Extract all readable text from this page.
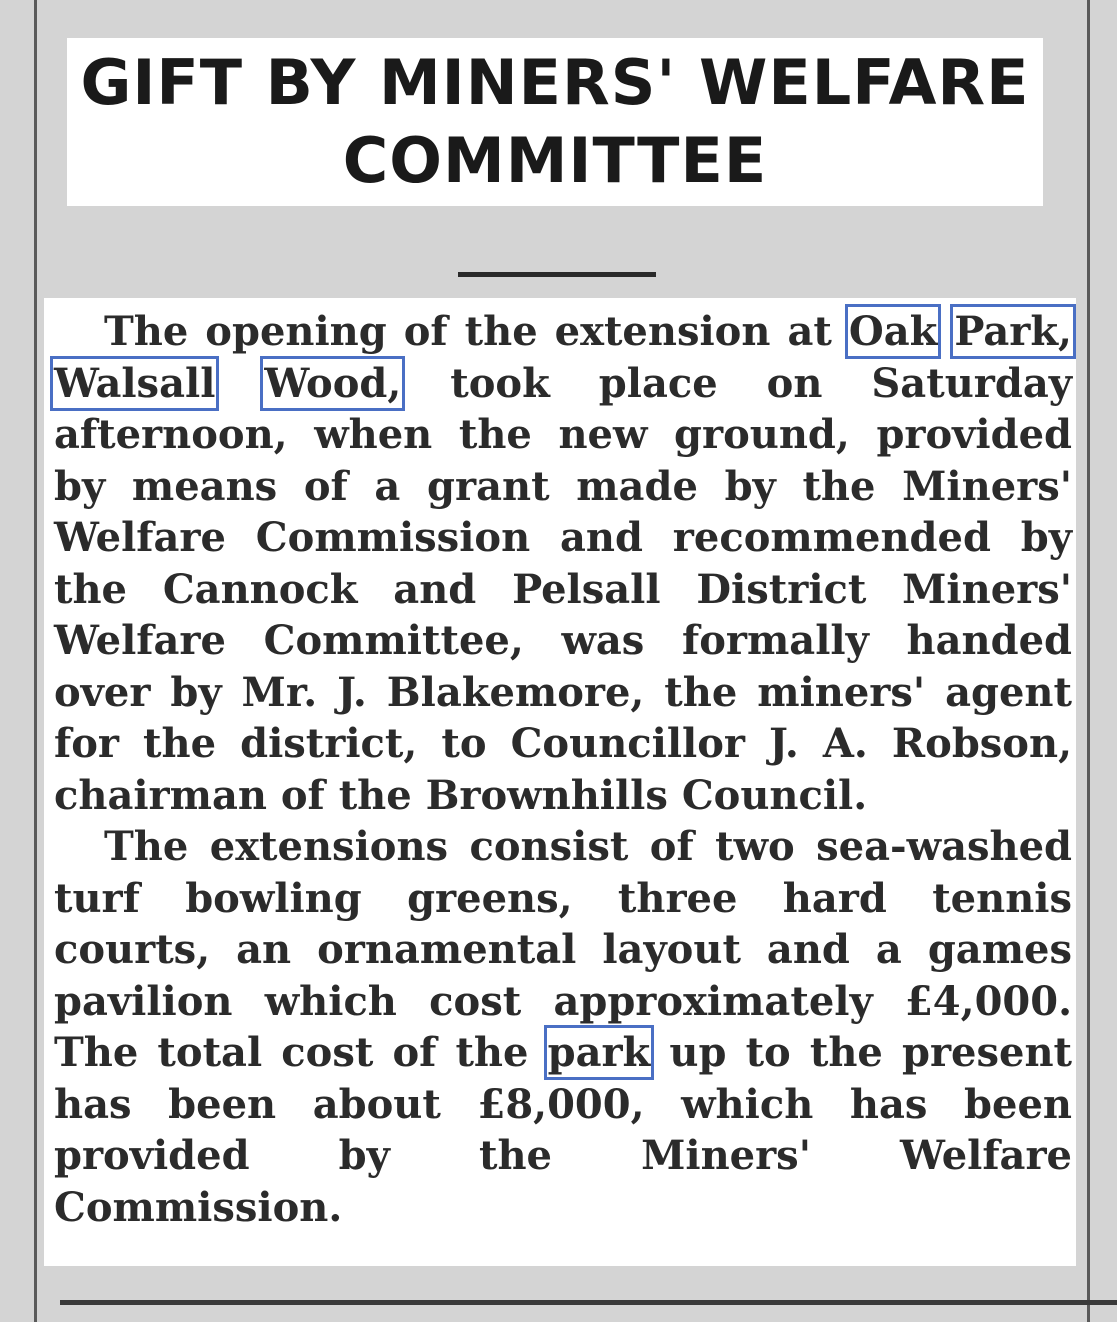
GIFT BY MINERS' WELFARE
COMMITTEE

The opening of the extension at Oak Park, Walsall Wood, took place on Saturday afternoon, when the new ground, provided by means of a grant made by the Miners' Welfare Commission and recommended by the Cannock and Pelsall District Miners' Welfare Committee, was formally handed over by Mr. J. Blakemore, the miners' agent for the district, to Councillor J. A. Robson, chairman of the Brownhills Council.

The extensions consist of two sea-washed turf bowling greens, three hard tennis courts, an ornamental layout and a games pavilion which cost approximately £4,000. The total cost of the park up to the present has been about £8,000, which has been provided by the Miners' Welfare Commission.
